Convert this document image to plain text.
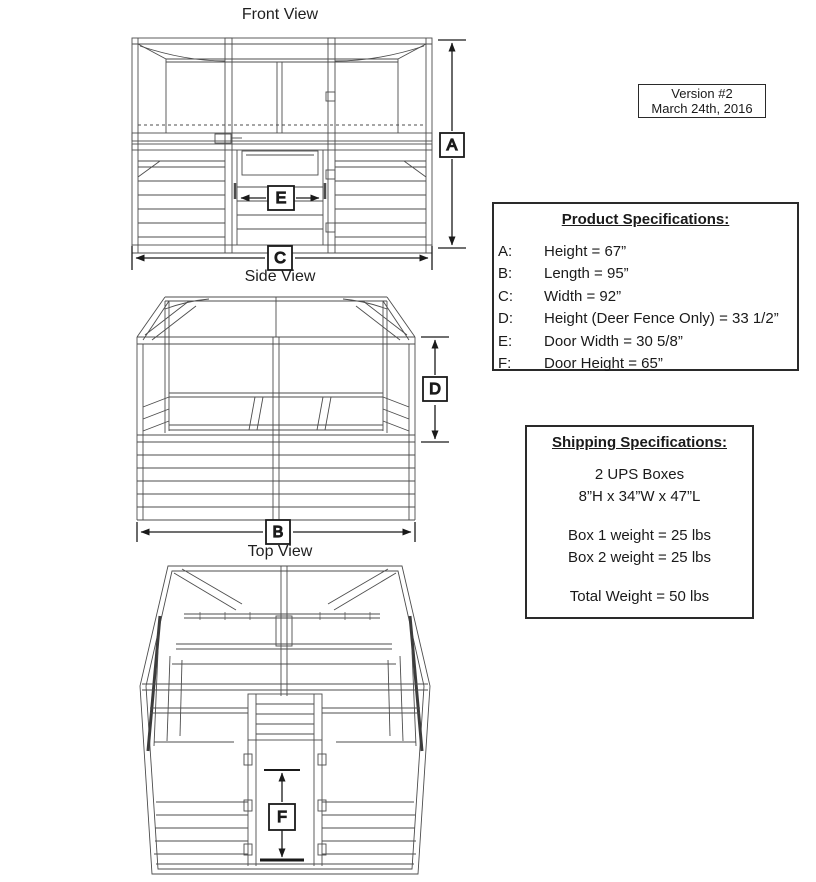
Front View
A
E
C
Side View
D
B
Top View
F
Version #2
March 24th, 2016
Product Specifications:
A:	Height = 67”
B:	Length = 95”
C:	Width = 92”
D:	Height (Deer Fence Only) = 33 1/2”
E:	Door Width = 30 5/8”
F:	Door Height = 65”
Shipping Specifications:
2 UPS Boxes
8”H x 34”W x 47”L
Box 1 weight = 25 lbs
Box 2 weight = 25 lbs
Total Weight = 50 lbs
